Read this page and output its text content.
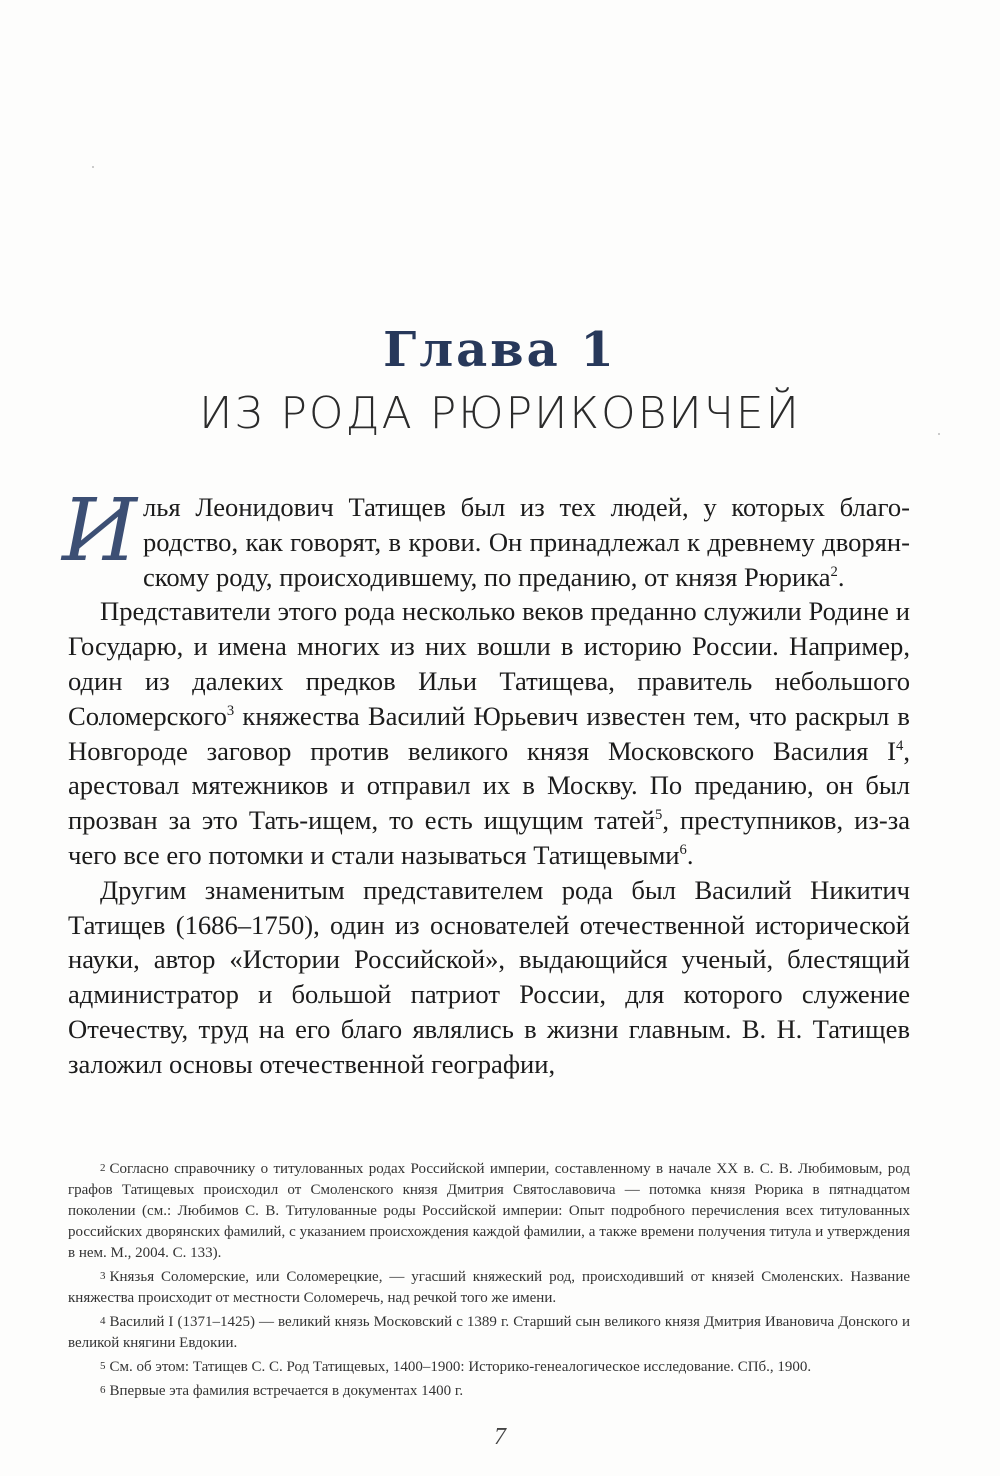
Глава 1
ИЗ РОДА РЮРИКОВИЧЕЙ

Илья Леонидович Татищев был из тех людей, у которых благородство, как говорят, в крови. Он принадлежал к древнему дворянскому роду, происходившему, по преданию, от князя Рюрика$^2$.

Представители этого рода несколько веков преданно служили Родине и Государю, и имена многих из них вошли в историю России. Например, один из далеких предков Ильи Татищева, правитель небольшого Соломерского$^3$ княжества Василий Юрьевич известен тем, что раскрыл в Новгороде заговор против великого князя Московского Василия $I^4$, арестовал мятежников и отправил их в Москву. По преданию, он был прозван за это Тать-ищем, то есть ищущим татей$^5$, преступников, из-за чего все его потомки и стали называться Татищевыми$^6$.

Другим знаменитым представителем рода был Василий Никитич Татищев (1686–1750), один из основателей отечественной исторической науки, автор «Истории Российской», выдающийся ученый, блестящий администратор и большой патриот России, для которого служение Отечеству, труд на его благо являлись в жизни главным. В. Н. Татищев заложил основы отечественной географии,

2 Согласно справочнику о титулованных родах Российской империи, составленному в начале XX в. С. В. Любимовым, род графов Татищевых происходил от Смоленского князя Дмитрия Святославовича — потомка князя Рюрика в пятнадцатом поколении (см.: Любимов С. В. Титулованные роды Российской империи: Опыт подробного перечисления всех титулованных российских дворянских фамилий, с указанием происхождения каждой фамилии, а также времени получения титула и утверждения в нем. М., 2004. С. 133).

3 Князья Соломерские, или Соломерецкие, — угасший княжеский род, происходивший от князей Смоленских. Название княжества происходит от местности Соломеречь, над речкой того же имени.

4 Василий I (1371–1425) — великий князь Московский с 1389 г. Старший сын великого князя Дмитрия Ивановича Донского и великой княгини Евдокии.

5 См. об этом: Татищев С. С. Род Татищевых, 1400–1900: Историко-генеалогическое исследование. СПб., 1900.

6 Впервые эта фамилия встречается в документах 1400 г.

7
